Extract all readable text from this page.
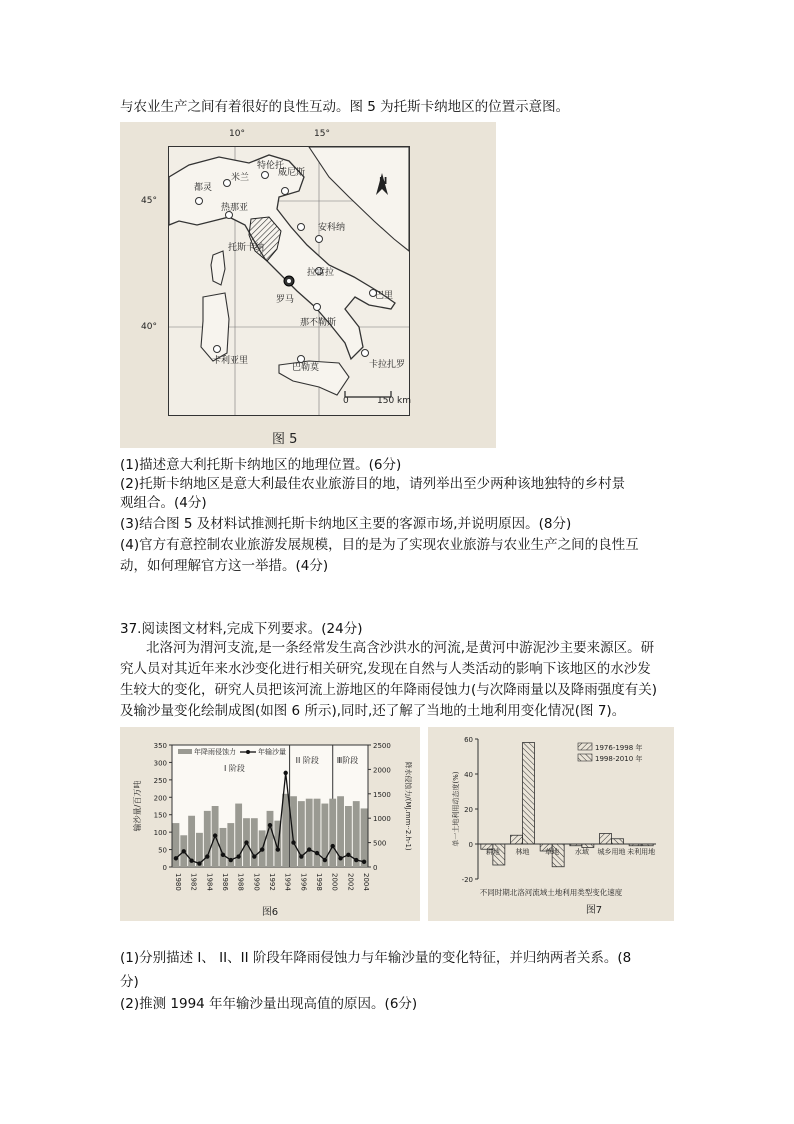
与农业生产之间有着很好的良性互动。图 5 为托斯卡纳地区的位置示意图。
10°	15°
45°
40°
都灵
米兰
特伦托
威尼斯
热那亚
安科纳
托斯卡纳
拉雷拉
罗马	巴里
那不勒斯
卡利亚里
巴勒莫	卡拉扎罗
N
0	150 km
图 5
(1)描述意大利托斯卡纳地区的地理位置。(6分)
(2)托斯卡纳地区是意大利最佳农业旅游目的地，请列举出至少两种该地独特的乡村景
观组合。(4分)
(3)结合图 5 及材料试推测托斯卡纳地区主要的客源市场,并说明原因。(8分)
(4)官方有意控制农业旅游发展规模，目的是为了实现农业旅游与农业生产之间的良性互
动，如何理解官方这一举措。(4分)
37.阅读图文材料,完成下列要求。(24分)
北洛河为渭河支流,是一条经常发生高含沙洪水的河流,是黄河中游泥沙主要来源区。研
究人员对其近年来水沙变化进行相关研究,发现在自然与人类活动的影响下该地区的水沙发
生较大的变化，研究人员把该河流上游地区的年降雨侵蚀力(与次降雨量以及降雨强度有关)
及输沙量变化绘制成图(如图 6 所示),同时,还了解了当地的土地利用变化情况(图 7)。
0
50
100
150
200
250
300
350
0
500
1000
1500
2000
2500
1980 1982 1984 1986 1988 1990 1992 1994 1996 1998 2000 2002 2004
输沙量/百万吨	降水侵蚀力/(MJ.mm··2.h-1)
年降雨侵蚀力	年输沙量
I 阶段
II 阶段 Ⅲ阶段
图6
-20
0
20
40
60
耕地 林地 草地 水域 城乡用地 未利用地
单一土地利用动态度(%)
1976-1998 年
1998-2010 年
不同时期北洛河流域土地利用类型变化速度
图7
(1)分别描述 I、 II、II 阶段年降雨侵蚀力与年输沙量的变化特征，并归纳两者关系。(8
分)
(2)推测 1994 年年输沙量出现高值的原因。(6分)
